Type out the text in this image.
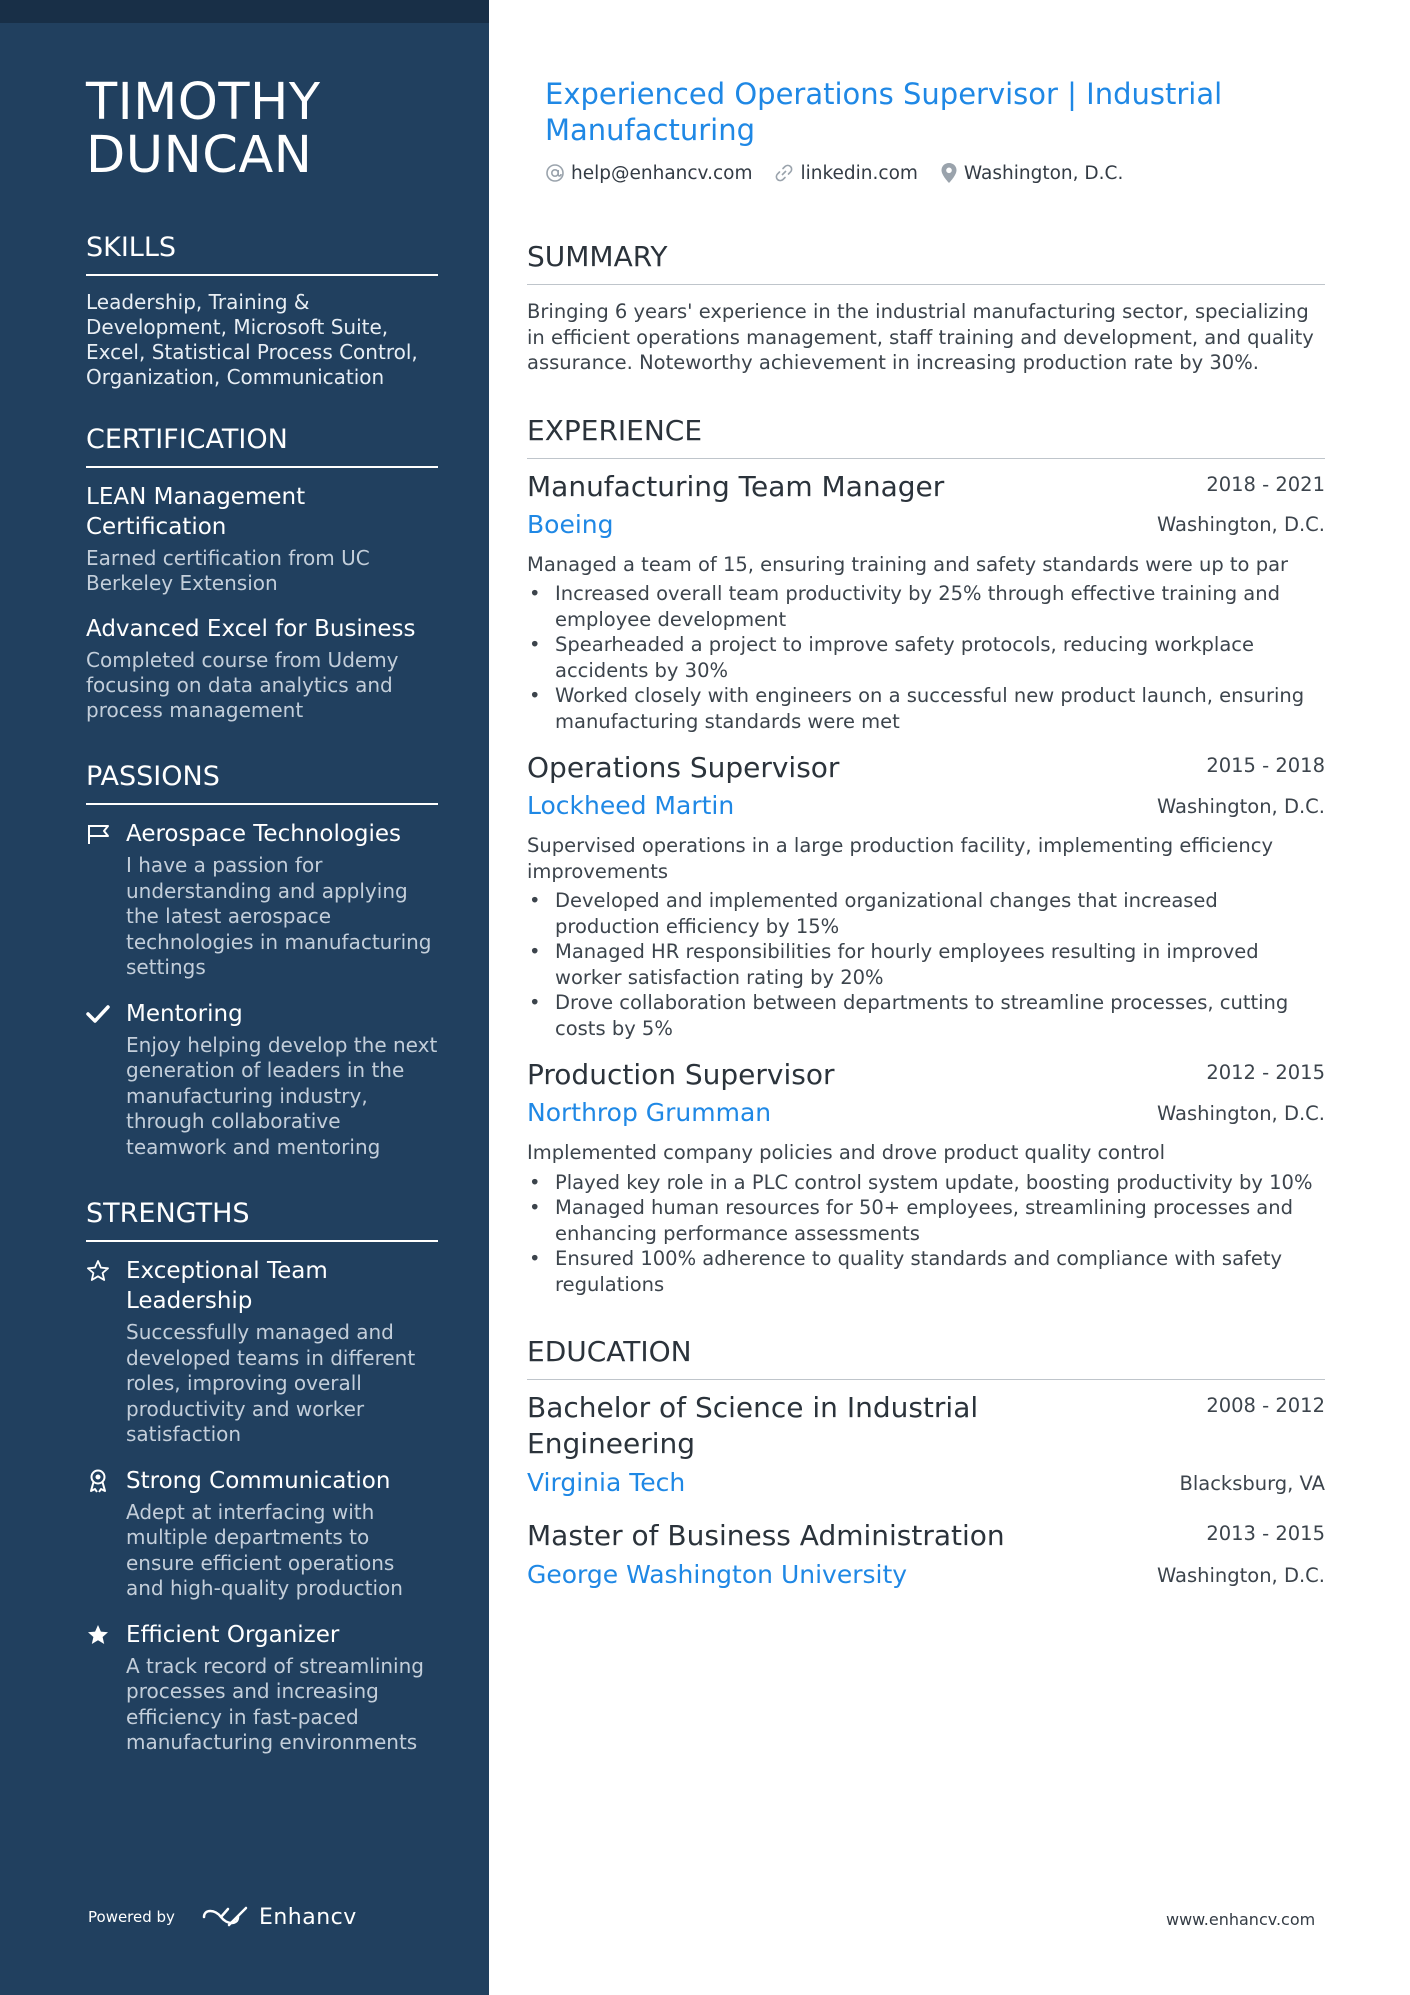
TIMOTHY DUNCAN
SKILLS

Leadership, Training & Development, Microsoft Suite, Excel, Statistical Process Control, Organization, Communication

CERTIFICATION
LEAN Management Certification
Earned certification from UC Berkeley Extension
Advanced Excel for Business
Completed course from Udemy focusing on data analytics and process management
PASSIONS
Aerospace Technologies
I have a passion for understanding and applying the latest aerospace technologies in manufacturing settings
Mentoring
Enjoy helping develop the next generation of leaders in the manufacturing industry, through collaborative teamwork and mentoring
STRENGTHS
Exceptional Team Leadership
Successfully managed and developed teams in different roles, improving overall productivity and worker satisfaction
Strong Communication
Adept at interfacing with multiple departments to ensure efficient operations and high-quality production
Efficient Organizer
A track record of streamlining processes and increasing efficiency in fast-paced manufacturing environments
Powered by	Enhancv
Experienced Operations Supervisor | Industrial Manufacturing
help@enhancv.com	linkedin.com Washington, D.C.
SUMMARY

Bringing 6 years' experience in the industrial manufacturing sector, specializing in efficient operations management, staff training and development, and quality assurance. Noteworthy achievement in increasing production rate by 30%.

EXPERIENCE
Manufacturing Team Manager	2018 - 2021
Boeing	Washington, D.C.
Managed a team of 15, ensuring training and safety standards were up to par
• Increased overall team productivity by 25% through effective training and employee development
• Spearheaded a project to improve safety protocols, reducing workplace accidents by 30%
• Worked closely with engineers on a successful new product launch, ensuring manufacturing standards were met
Operations Supervisor	2015 - 2018
Lockheed Martin	Washington, D.C.
Supervised operations in a large production facility, implementing efficiency improvements
• Developed and implemented organizational changes that increased production efficiency by 15%
• Managed HR responsibilities for hourly employees resulting in improved worker satisfaction rating by 20%
• Drove collaboration between departments to streamline processes, cutting costs by 5%
Production Supervisor	2012 - 2015
Northrop Grumman	Washington, D.C.
Implemented company policies and drove product quality control
• Played key role in a PLC control system update, boosting productivity by 10%
• Managed human resources for 50+ employees, streamlining processes and enhancing performance assessments
• Ensured 100% adherence to quality standards and compliance with safety regulations
EDUCATION
Bachelor of Science in Industrial Engineering
2008 - 2012
Virginia Tech	Blacksburg, VA
Master of Business Administration	2013 - 2015
George Washington University	Washington, D.C.
www.enhancv.com
